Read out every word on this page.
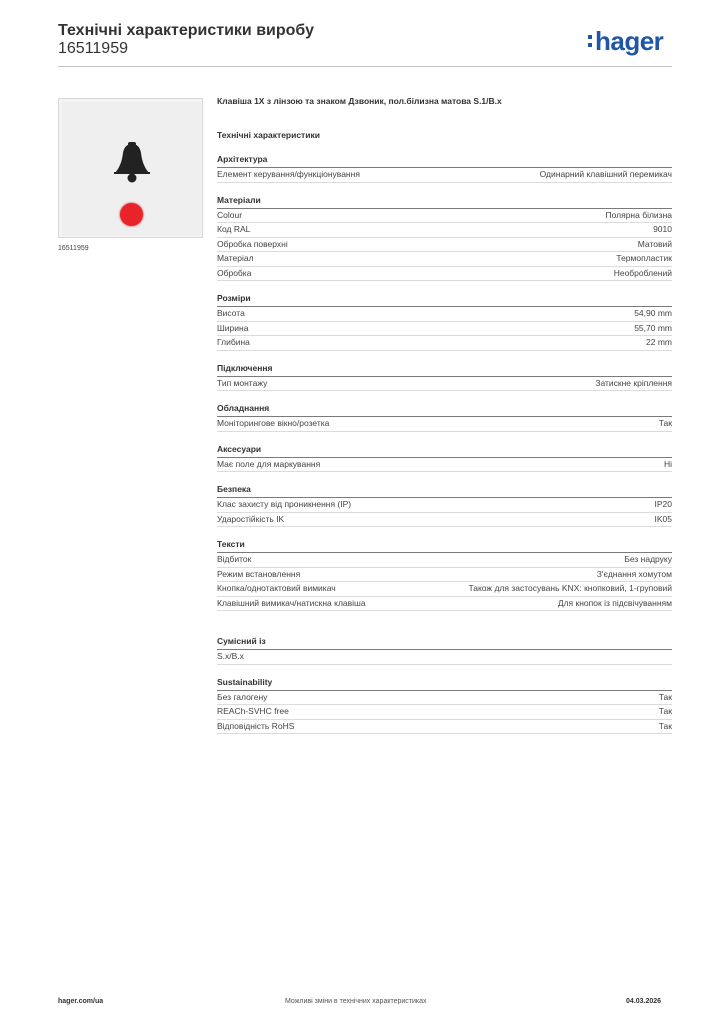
Технічні характеристики виробу
16511959	hager
16511959
Клавіша 1Х з лінзою та знаком Дзвоник, пол.білизна матова S.1/B.x
Технічні характеристики
Архітектура
Елемент керування/функціонування	Одинарний клавішний перемикач
Матеріали
Colour	Полярна білизна
Код RAL	9010
Обробка поверхні	Матовий
Матеріал	Термопластик
Обробка	Необроблений
Розміри
Висота	54,90 mm
Ширина	55,70 mm
Глибина	22 mm
Підключення
Тип монтажу	Затискне кріплення
Обладнання
Моніторингове вікно/розетка	Так
Аксесуари
Має поле для маркування	Ні
Безпека
Клас захисту від проникнення (IP)	IP20
Ударостійкість IK	IK05
Тексти
Відбиток	Без надруку
Режим встановлення	З'єднання хомутом
Кнопка/однотактовий вимикач	Також для застосувань KNX: кнопковий, 1-груповий
Клавішний вимикач/натискна клавіша	Для кнопок із підсвічуванням
Сумісний із
S.x/B.x
Sustainability
Без галогену	Так
REACh-SVHC free	Так
Відповідність RoHS	Так
hager.com/ua	Можливі зміни в технічних характеристиках	04.03.2026
